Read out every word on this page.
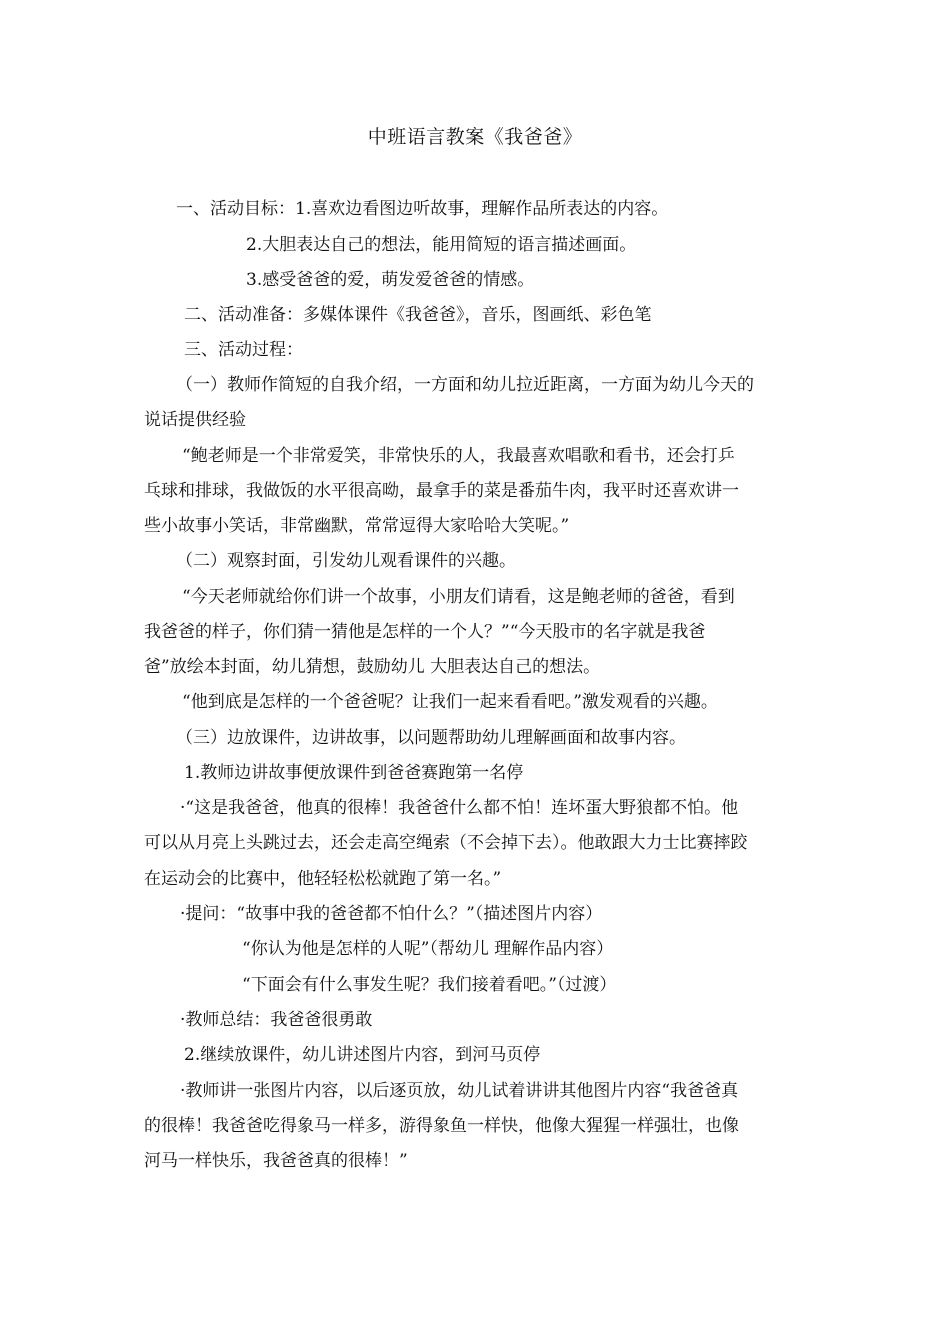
中班语言教案《我爸爸》
一、活动目标：1.喜欢边看图边听故事，理解作品所表达的内容。
2.大胆表达自己的想法，能用简短的语言描述画面。
3.感受爸爸的爱，萌发爱爸爸的情感。
二、活动准备：多媒体课件《我爸爸》，音乐，图画纸、彩色笔
三、活动过程：
（一）教师作简短的自我介绍，一方面和幼儿拉近距离，一方面为幼儿今天的
说话提供经验
“鲍老师是一个非常爱笑，非常快乐的人，我最喜欢唱歌和看书，还会打乒
乓球和排球，我做饭的水平很高呦，最拿手的菜是番茄牛肉，我平时还喜欢讲一
些小故事小笑话，非常幽默，常常逗得大家哈哈大笑呢。”
（二）观察封面，引发幼儿观看课件的兴趣。
“今天老师就给你们讲一个故事，小朋友们请看，这是鲍老师的爸爸，看到
我爸爸的样子，你们猜一猜他是怎样的一个人？”“今天股市的名字就是我爸
爸”放绘本封面，幼儿猜想，鼓励幼儿 大胆表达自己的想法。
“他到底是怎样的一个爸爸呢？让我们一起来看看吧。”激发观看的兴趣。
（三）边放课件，边讲故事，以问题帮助幼儿理解画面和故事内容。
1.教师边讲故事便放课件到爸爸赛跑第一名停
·“这是我爸爸，他真的很棒！我爸爸什么都不怕！连坏蛋大野狼都不怕。他
可以从月亮上头跳过去，还会走高空绳索（不会掉下去）。他敢跟大力士比赛摔跤
在运动会的比赛中，他轻轻松松就跑了第一名。”
·提问：“故事中我的爸爸都不怕什么？”（描述图片内容）
“你认为他是怎样的人呢”（帮幼儿 理解作品内容）
“下面会有什么事发生呢？我们接着看吧。”（过渡）
·教师总结：我爸爸很勇敢
2.继续放课件，幼儿讲述图片内容，到河马页停
·教师讲一张图片内容，以后逐页放，幼儿试着讲讲其他图片内容“我爸爸真
的很棒！我爸爸吃得象马一样多，游得象鱼一样快，他像大猩猩一样强壮，也像
河马一样快乐，我爸爸真的很棒！”
